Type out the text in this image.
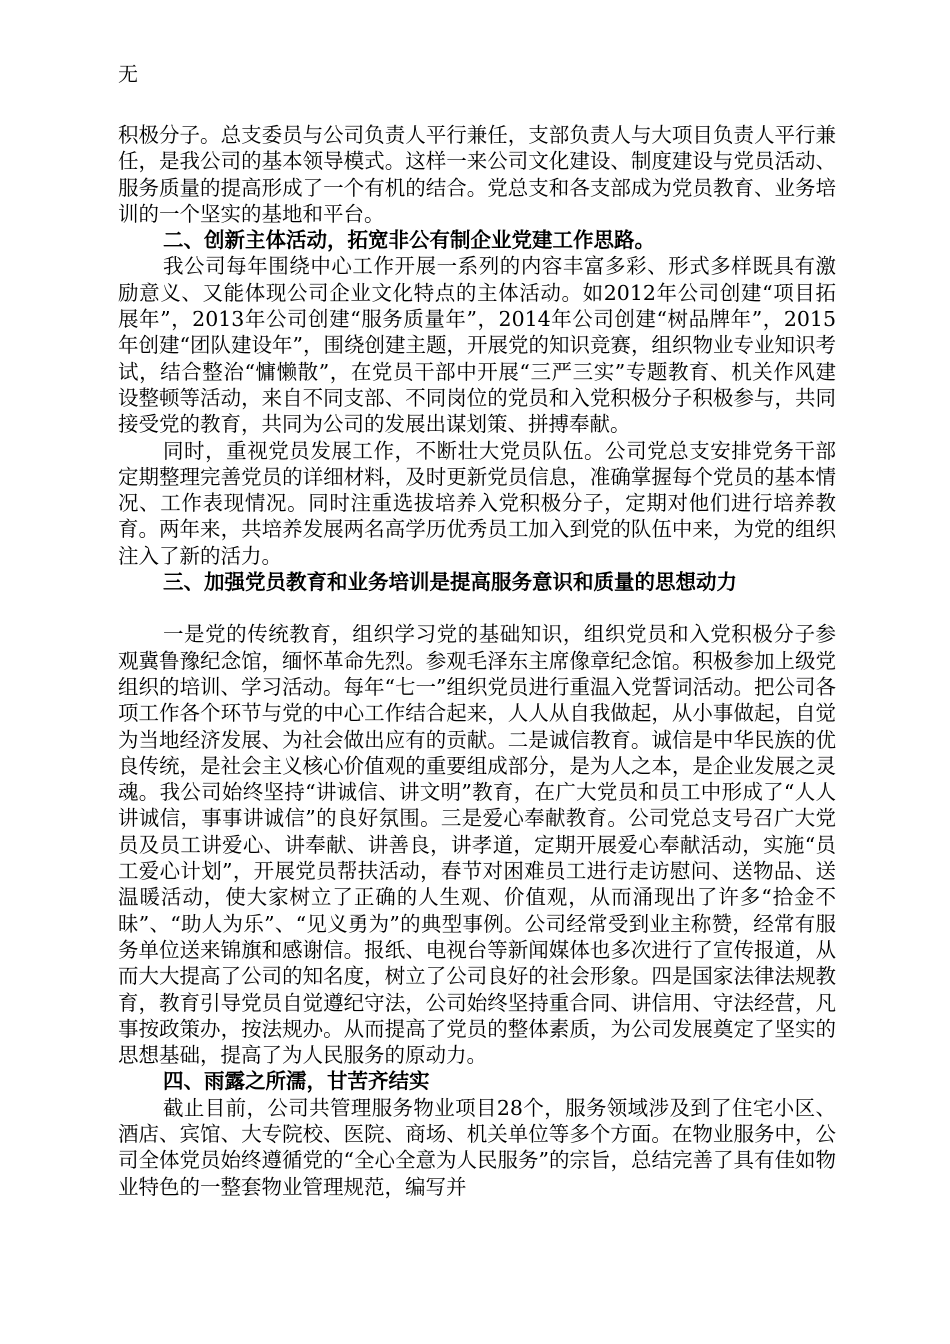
无

积极分子。总支委员与公司负责人平行兼任，支部负责人与大项目负责人平行兼任，是我公司的基本领导模式。这样一来公司文化建设、制度建设与党员活动、服务质量的提高形成了一个有机的结合。党总支和各支部成为党员教育、业务培训的一个坚实的基地和平台。

二、创新主体活动，拓宽非公有制企业党建工作思路。

我公司每年围绕中心工作开展一系列的内容丰富多彩、形式多样既具有激励意义、又能体现公司企业文化特点的主体活动。如2012年公司创建“项目拓展年”，2013年公司创建“服务质量年”，2014年公司创建“树品牌年”，2015年创建“团队建设年”，围绕创建主题，开展党的知识竞赛，组织物业专业知识考试，结合整治“慵懒散”，在党员干部中开展“三严三实”专题教育、机关作风建设整顿等活动，来自不同支部、不同岗位的党员和入党积极分子积极参与，共同接受党的教育，共同为公司的发展出谋划策、拼搏奉献。

同时，重视党员发展工作，不断壮大党员队伍。公司党总支安排党务干部定期整理完善党员的详细材料，及时更新党员信息，准确掌握每个党员的基本情况、工作表现情况。同时注重选拔培养入党积极分子，定期对他们进行培养教育。两年来，共培养发展两名高学历优秀员工加入到党的队伍中来，为党的组织注入了新的活力。

三、加强党员教育和业务培训是提高服务意识和质量的思想动力

一是党的传统教育，组织学习党的基础知识，组织党员和入党积极分子参观冀鲁豫纪念馆，缅怀革命先烈。参观毛泽东主席像章纪念馆。积极参加上级党组织的培训、学习活动。每年“七一”组织党员进行重温入党誓词活动。把公司各项工作各个环节与党的中心工作结合起来，人人从自我做起，从小事做起，自觉为当地经济发展、为社会做出应有的贡献。二是诚信教育。诚信是中华民族的优良传统，是社会主义核心价值观的重要组成部分，是为人之本，是企业发展之灵魂。我公司始终坚持“讲诚信、讲文明”教育，在广大党员和员工中形成了“人人讲诚信，事事讲诚信”的良好氛围。三是爱心奉献教育。公司党总支号召广大党员及员工讲爱心、讲奉献、讲善良，讲孝道，定期开展爱心奉献活动，实施“员工爱心计划”，开展党员帮扶活动，春节对困难员工进行走访慰问、送物品、送温暖活动，使大家树立了正确的人生观、价值观，从而涌现出了许多“拾金不昧”、“助人为乐”、“见义勇为”的典型事例。公司经常受到业主称赞，经常有服务单位送来锦旗和感谢信。报纸、电视台等新闻媒体也多次进行了宣传报道，从而大大提高了公司的知名度，树立了公司良好的社会形象。四是国家法律法规教育，教育引导党员自觉遵纪守法，公司始终坚持重合同、讲信用、守法经营，凡事按政策办，按法规办。从而提高了党员的整体素质，为公司发展奠定了坚实的思想基础，提高了为人民服务的原动力。

四、雨露之所濡，甘苦齐结实

截止目前，公司共管理服务物业项目28个，服务领域涉及到了住宅小区、酒店、宾馆、大专院校、医院、商场、机关单位等多个方面。在物业服务中，公司全体党员始终遵循党的“全心全意为人民服务”的宗旨，总结完善了具有佳如物业特色的一整套物业管理规范，编写并
